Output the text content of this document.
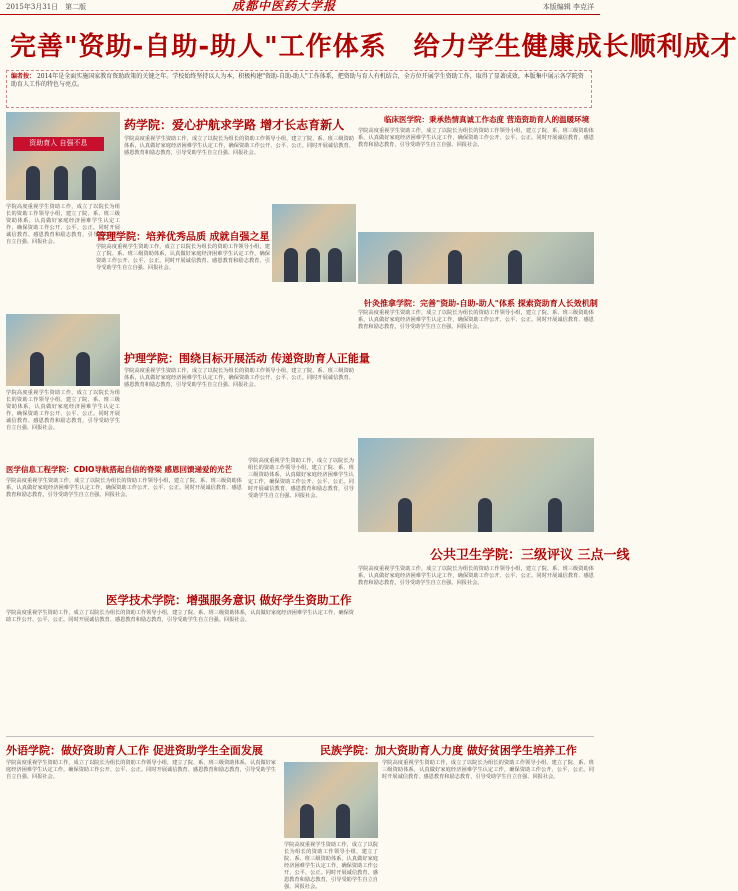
2015年3月31日　第二版	成都中医药大学报	本版编辑 李克洋
完善"资助-自助-助人"工作体系　给力学生健康成长顺利成才
编者按： 2014年是全面实施国家教育资助政策的关键之年。学校始终坚持以人为本，积极构建"资助-自助-助人"工作体系，把资助与育人有机结合，全方位开展学生资助工作，取得了显著成效。本版集中展示各学院资助育人工作的特色与亮点。
资助育人 自强不息
药学院：爱心护航求学路 增才长志育新人
学院高度重视学生资助工作，成立了以院长为组长的资助工作领导小组，建立了院、系、班三级资助体系，认真做好家庭经济困难学生认定工作，确保资助工作公开、公平、公正。同时开展诚信教育、感恩教育和励志教育，引导受助学生自立自强、回报社会。
临床医学院：秉承热情真诚工作态度 营造资助育人的温暖环境
学院高度重视学生资助工作，成立了以院长为组长的资助工作领导小组，建立了院、系、班三级资助体系，认真做好家庭经济困难学生认定工作，确保资助工作公开、公平、公正。同时开展诚信教育、感恩教育和励志教育，引导受助学生自立自强、回报社会。
学院高度重视学生资助工作，成立了以院长为组长的资助工作领导小组，建立了院、系、班三级资助体系，认真做好家庭经济困难学生认定工作，确保资助工作公开、公平、公正。同时开展诚信教育、感恩教育和励志教育，引导受助学生自立自强、回报社会。	管理学院：培养优秀品质 成就自强之星
学院高度重视学生资助工作，成立了以院长为组长的资助工作领导小组，建立了院、系、班三级资助体系，认真做好家庭经济困难学生认定工作，确保资助工作公开、公平、公正。同时开展诚信教育、感恩教育和励志教育，引导受助学生自立自强、回报社会。
针灸推拿学院：完善"资助-自助-助人"体系 探索资助育人长效机制
学院高度重视学生资助工作，成立了以院长为组长的资助工作领导小组，建立了院、系、班三级资助体系，认真做好家庭经济困难学生认定工作，确保资助工作公开、公平、公正。同时开展诚信教育、感恩教育和励志教育，引导受助学生自立自强、回报社会。
护理学院：围绕目标开展活动 传递资助育人正能量
学院高度重视学生资助工作，成立了以院长为组长的资助工作领导小组，建立了院、系、班三级资助体系，认真做好家庭经济困难学生认定工作，确保资助工作公开、公平、公正。同时开展诚信教育、感恩教育和励志教育，引导受助学生自立自强、回报社会。
学院高度重视学生资助工作，成立了以院长为组长的资助工作领导小组，建立了院、系、班三级资助体系，认真做好家庭经济困难学生认定工作，确保资助工作公开、公平、公正。同时开展诚信教育、感恩教育和励志教育，引导受助学生自立自强、回报社会。
医学信息工程学院：CDIO导航搭起自信的脊梁 感恩回馈递爱的光芒
学院高度重视学生资助工作，成立了以院长为组长的资助工作领导小组，建立了院、系、班三级资助体系，认真做好家庭经济困难学生认定工作，确保资助工作公开、公平、公正。同时开展诚信教育、感恩教育和励志教育，引导受助学生自立自强、回报社会。
学院高度重视学生资助工作，成立了以院长为组长的资助工作领导小组，建立了院、系、班三级资助体系，认真做好家庭经济困难学生认定工作，确保资助工作公开、公平、公正。同时开展诚信教育、感恩教育和励志教育，引导受助学生自立自强、回报社会。
公共卫生学院：三级评议 三点一线
学院高度重视学生资助工作，成立了以院长为组长的资助工作领导小组，建立了院、系、班三级资助体系，认真做好家庭经济困难学生认定工作，确保资助工作公开、公平、公正。同时开展诚信教育、感恩教育和励志教育，引导受助学生自立自强、回报社会。
医学技术学院：增强服务意识 做好学生资助工作
学院高度重视学生资助工作，成立了以院长为组长的资助工作领导小组，建立了院、系、班三级资助体系，认真做好家庭经济困难学生认定工作，确保资助工作公开、公平、公正。同时开展诚信教育、感恩教育和励志教育，引导受助学生自立自强、回报社会。
外语学院：做好资助育人工作 促进资助学生全面发展
学院高度重视学生资助工作，成立了以院长为组长的资助工作领导小组，建立了院、系、班三级资助体系，认真做好家庭经济困难学生认定工作，确保资助工作公开、公平、公正。同时开展诚信教育、感恩教育和励志教育，引导受助学生自立自强、回报社会。
民族学院：加大资助育人力度 做好贫困学生培养工作
学院高度重视学生资助工作，成立了以院长为组长的资助工作领导小组，建立了院、系、班三级资助体系，认真做好家庭经济困难学生认定工作，确保资助工作公开、公平、公正。同时开展诚信教育、感恩教育和励志教育，引导受助学生自立自强、回报社会。
学院高度重视学生资助工作，成立了以院长为组长的资助工作领导小组，建立了院、系、班三级资助体系，认真做好家庭经济困难学生认定工作，确保资助工作公开、公平、公正。同时开展诚信教育、感恩教育和励志教育，引导受助学生自立自强、回报社会。
